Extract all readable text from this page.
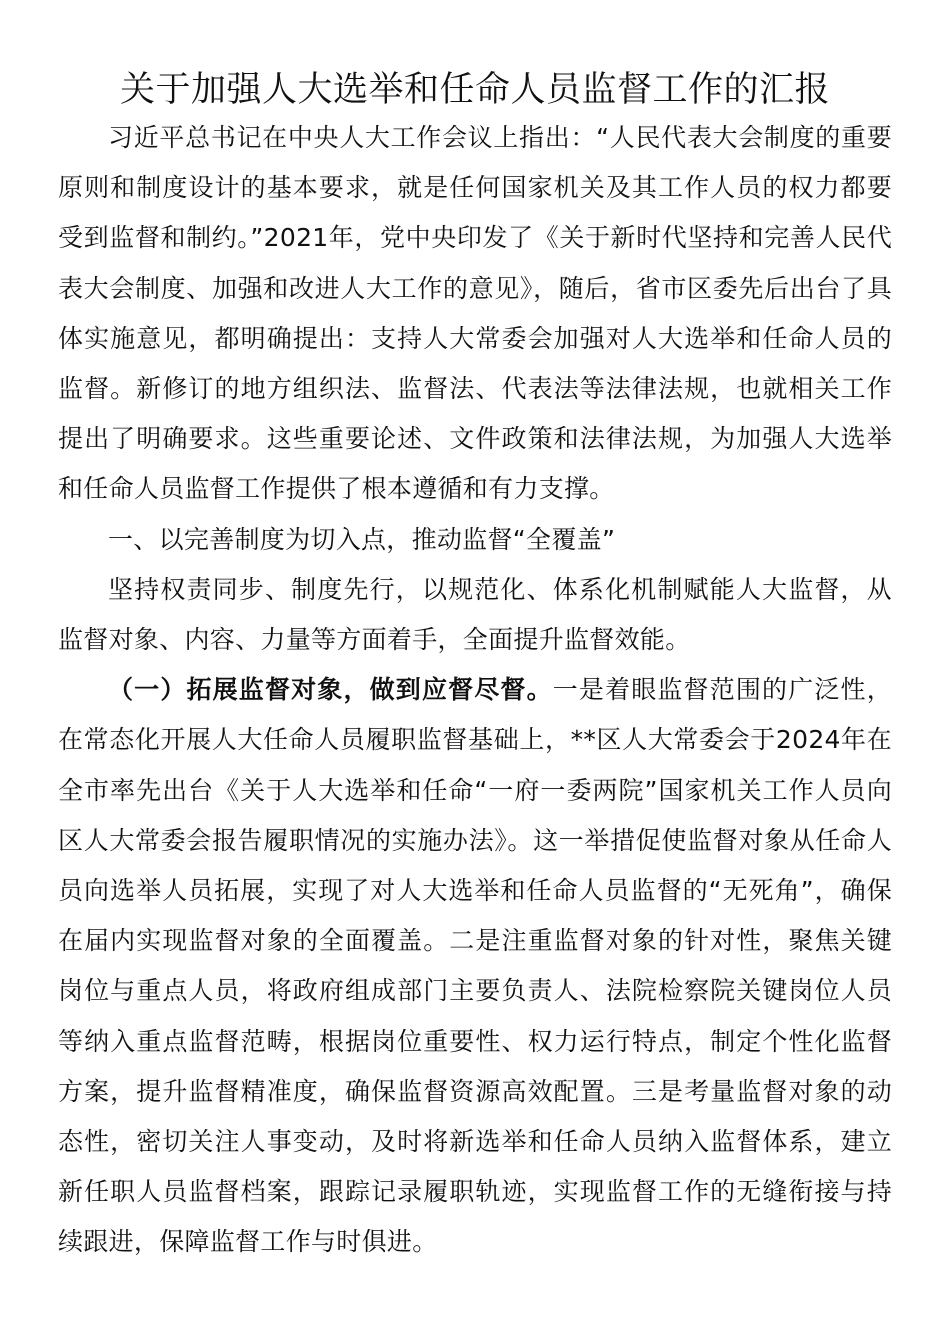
关于加强人大选举和任命人员监督工作的汇报

习近平总书记在中央人大工作会议上指出：“人民代表大会制度的重要原则和制度设计的基本要求，就是任何国家机关及其工作人员的权力都要受到监督和制约。”2021年，党中央印发了《关于新时代坚持和完善人民代表大会制度、加强和改进人大工作的意见》，随后，省市区委先后出台了具体实施意见，都明确提出：支持人大常委会加强对人大选举和任命人员的监督。新修订的地方组织法、监督法、代表法等法律法规，也就相关工作提出了明确要求。这些重要论述、文件政策和法律法规，为加强人大选举和任命人员监督工作提供了根本遵循和有力支撑。

一、以完善制度为切入点，推动监督“全覆盖”

坚持权责同步、制度先行，以规范化、体系化机制赋能人大监督，从监督对象、内容、力量等方面着手，全面提升监督效能。

（一）拓展监督对象，做到应督尽督。一是着眼监督范围的广泛性，在常态化开展人大任命人员履职监督基础上，**区人大常委会于2024年在全市率先出台《关于人大选举和任命“一府一委两院”国家机关工作人员向区人大常委会报告履职情况的实施办法》。这一举措促使监督对象从任命人员向选举人员拓展，实现了对人大选举和任命人员监督的“无死角”，确保在届内实现监督对象的全面覆盖。二是注重监督对象的针对性，聚焦关键岗位与重点人员，将政府组成部门主要负责人、法院检察院关键岗位人员等纳入重点监督范畴，根据岗位重要性、权力运行特点，制定个性化监督方案，提升监督精准度，确保监督资源高效配置。三是考量监督对象的动态性，密切关注人事变动，及时将新选举和任命人员纳入监督体系，建立新任职人员监督档案，跟踪记录履职轨迹，实现监督工作的无缝衔接与持续跟进，保障监督工作与时俱进。
